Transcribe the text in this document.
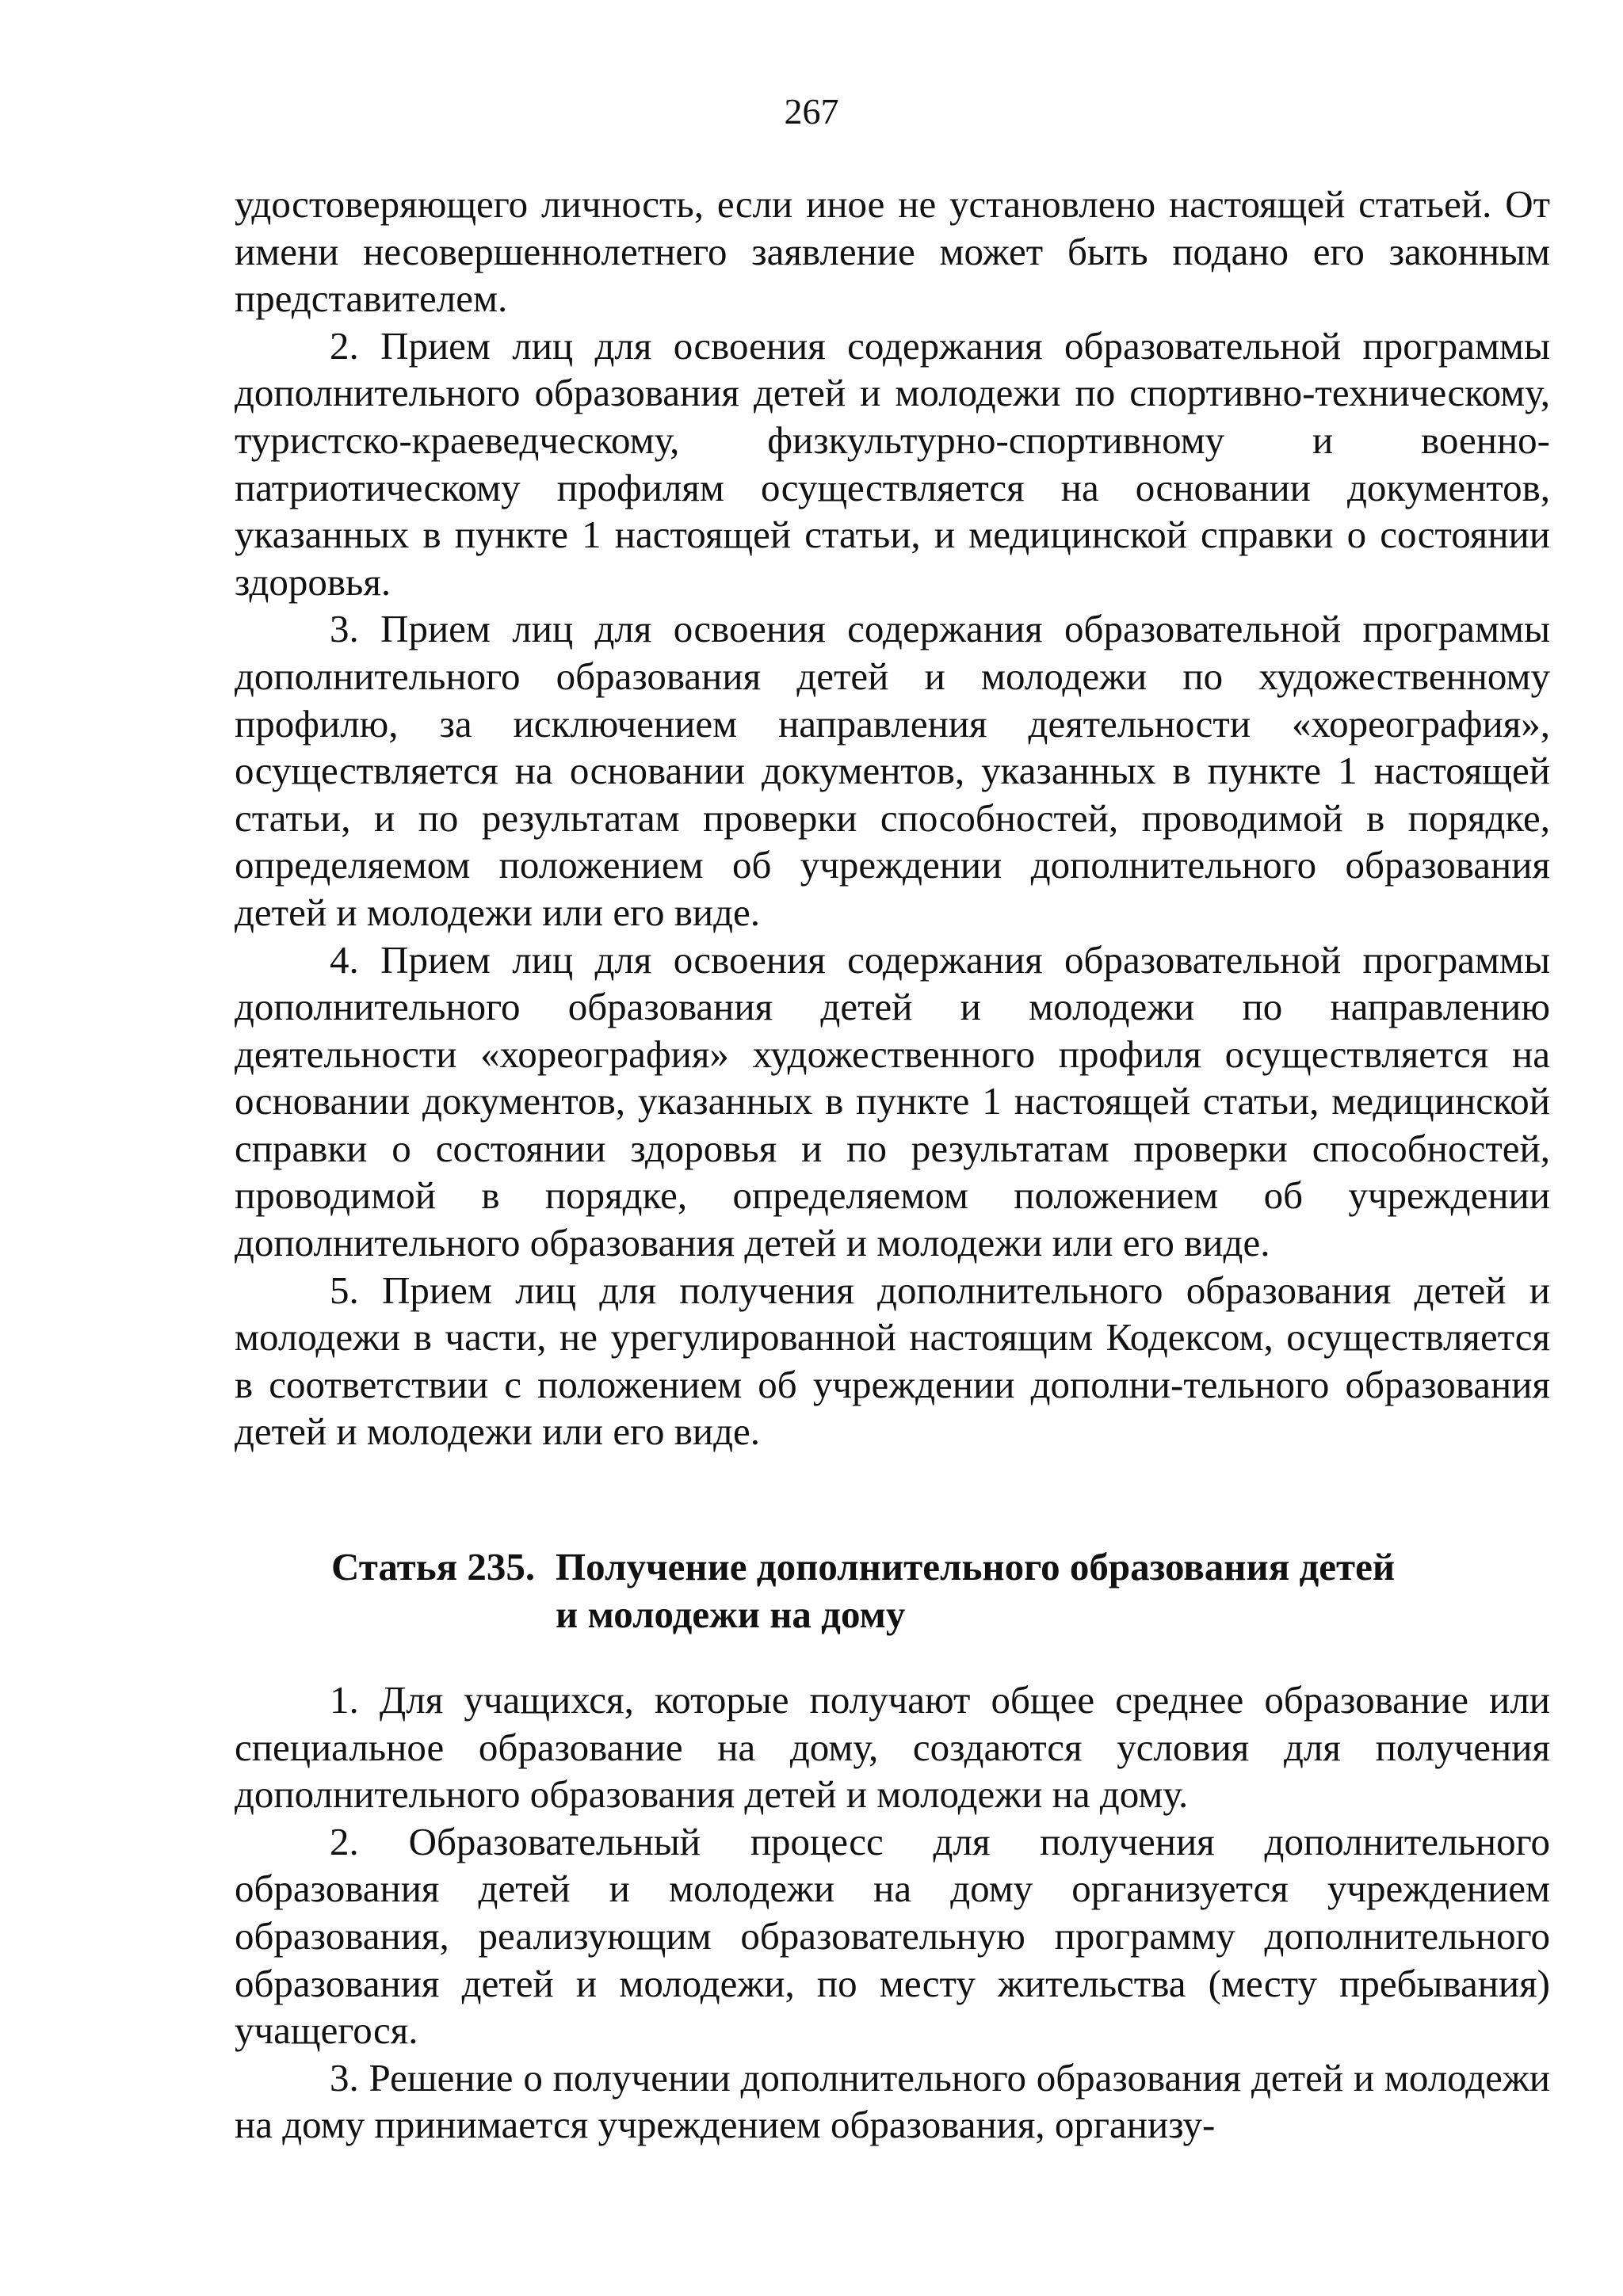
267

удостоверяющего личность, если иное не установлено настоящей статьей. От имени несовершеннолетнего заявление может быть подано его законным представителем.

2. Прием лиц для освоения содержания образовательной программы дополнительного образования детей и молодежи по спортивно-техническому, туристско-краеведческому, физкультурно-спортивному и военно-патриотическому профилям осуществляется на основании документов, указанных в пункте 1 настоящей статьи, и медицинской справки о состоянии здоровья.

3. Прием лиц для освоения содержания образовательной программы дополнительного образования детей и молодежи по художественному профилю, за исключением направления деятельности «хореография», осуществляется на основании документов, указанных в пункте 1 настоящей статьи, и по результатам проверки способностей, проводимой в порядке, определяемом положением об учреждении дополнительного образования детей и молодежи или его виде.

4. Прием лиц для освоения содержания образовательной программы дополнительного образования детей и молодежи по направлению деятельности «хореография» художественного профиля осуществляется на основании документов, указанных в пункте 1 настоящей статьи, медицинской справки о состоянии здоровья и по результатам проверки способностей, проводимой в порядке, определяемом положением об учреждении дополнительного образования детей и молодежи или его виде.

5. Прием лиц для получения дополнительного образования детей и молодежи в части, не урегулированной настоящим Кодексом, осуществляется в соответствии с положением об учреждении дополни-тельного образования детей и молодежи или его виде.

Статья 235. Получение дополнительного образования детей
и молодежи на дому

1. Для учащихся, которые получают общее среднее образование или специальное образование на дому, создаются условия для получения дополнительного образования детей и молодежи на дому.

2. Образовательный процесс для получения дополнительного образования детей и молодежи на дому организуется учреждением образования, реализующим образовательную программу дополнительного образования детей и молодежи, по месту жительства (месту пребывания) учащегося.

3. Решение о получении дополнительного образования детей и молодежи на дому принимается учреждением образования, организу-
